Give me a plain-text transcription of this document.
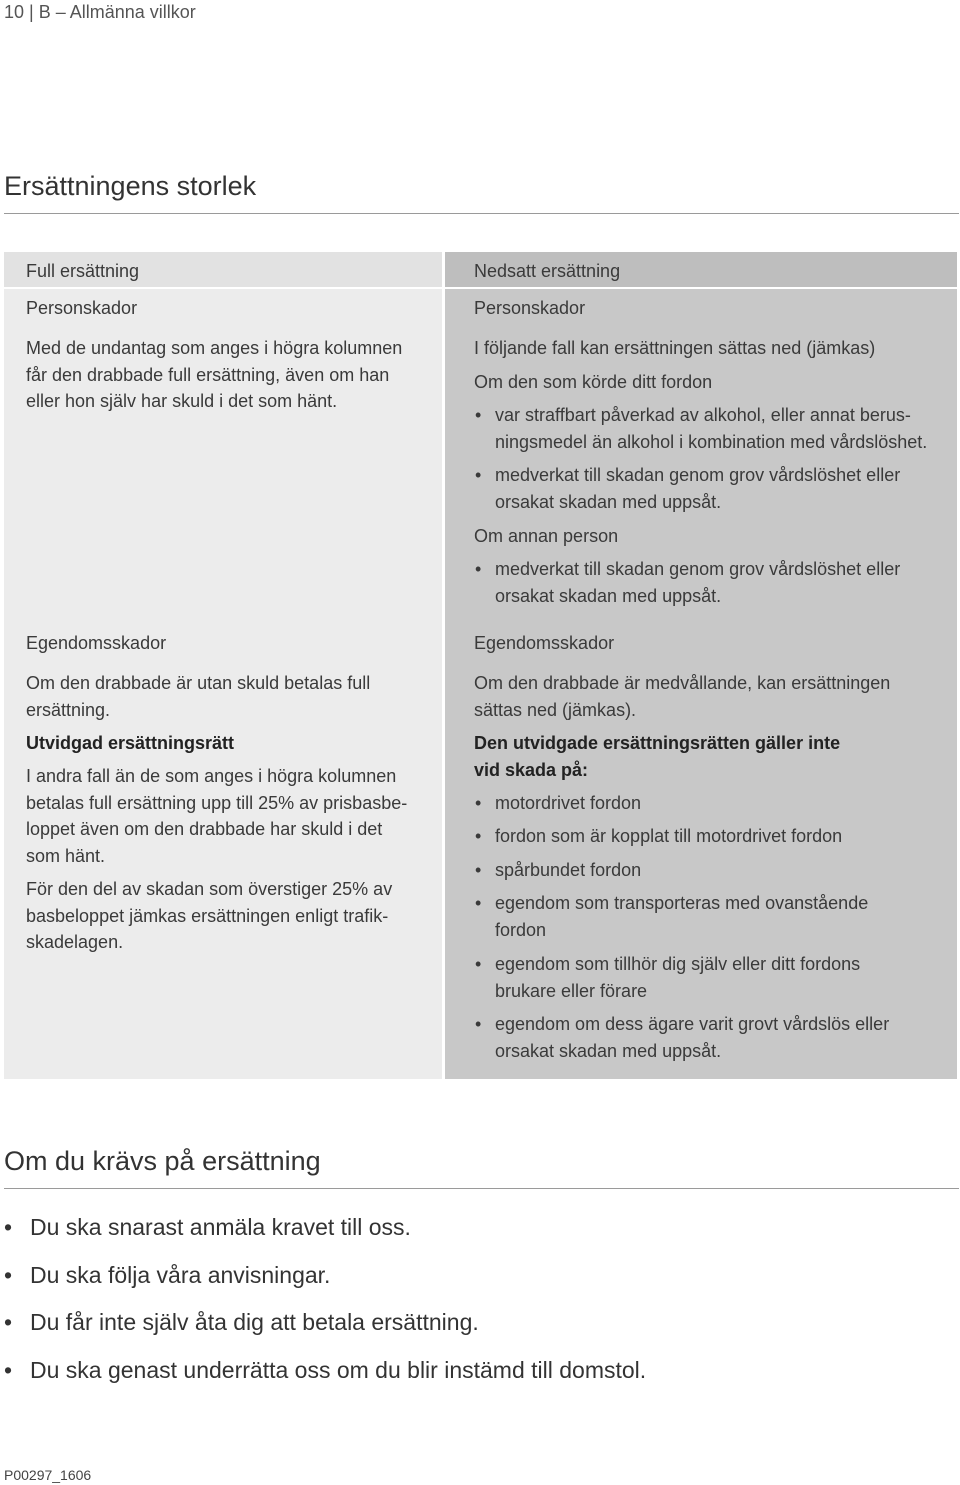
10 | B – Allmänna villkor
Ersättningens storlek
Full ersättning
Personskador
Med de undantag som anges i högra kolumnen
får den drabbade full ersättning, även om han
eller hon själv har skuld i det som hänt.
Egendomsskador
Om den drabbade är utan skuld betalas full
ersättning.
Utvidgad ersättningsrätt
I andra fall än de som anges i högra kolumnen
betalas full ersättning upp till 25% av prisbasbe-
loppet även om den drabbade har skuld i det
som hänt.
För den del av skadan som överstiger 25% av
basbeloppet jämkas ersättningen enligt trafik-
skadelagen.
Nedsatt ersättning
Personskador
I följande fall kan ersättningen sättas ned (jämkas)
Om den som körde ditt fordon
• var straffbart påverkad av alkohol, eller annat berus-
ningsmedel än alkohol i kombination med vårdslöshet.
• medverkat till skadan genom grov vårdslöshet eller
orsakat skadan med uppsåt.
Om annan person
• medverkat till skadan genom grov vårdslöshet eller
orsakat skadan med uppsåt.
Egendomsskador
Om den drabbade är medvållande, kan ersättningen
sättas ned (jämkas).
Den utvidgade ersättningsrätten gäller inte
vid skada på:
• motordrivet fordon
• fordon som är kopplat till motordrivet fordon
• spårbundet fordon
• egendom som transporteras med ovanstående
fordon
• egendom som tillhör dig själv eller ditt fordons
brukare eller förare
• egendom om dess ägare varit grovt vårdslös eller
orsakat skadan med uppsåt.
Om du krävs på ersättning
• Du ska snarast anmäla kravet till oss.
• Du ska följa våra anvisningar.
• Du får inte själv åta dig att betala ersättning.
• Du ska genast underrätta oss om du blir instämd till domstol.
P00297_1606
